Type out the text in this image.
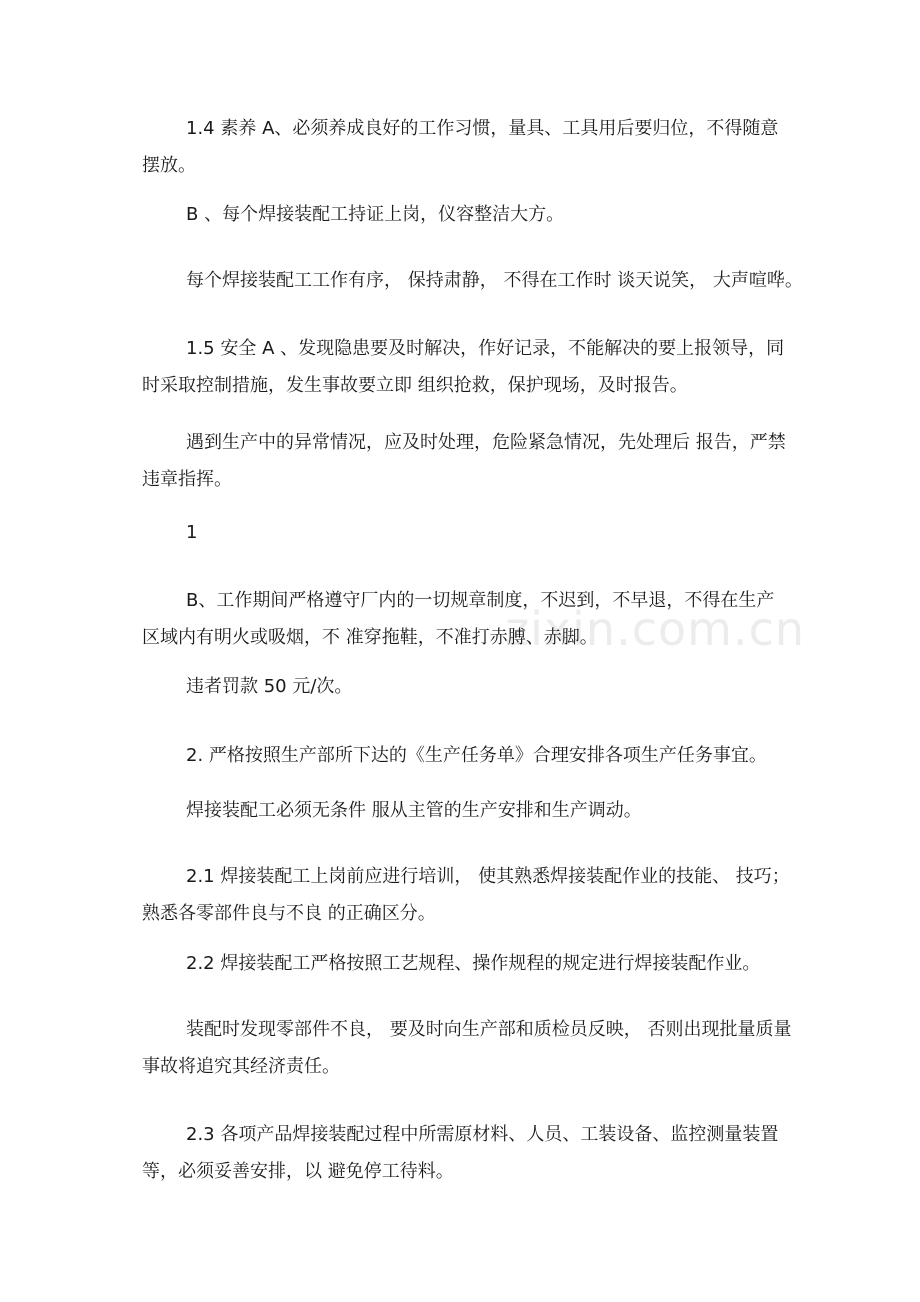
zixin.com.cn

1.4 素养 A、必须养成良好的工作习惯，量具、工具用后要归位，不得随意摆放。

B 、每个焊接装配工持证上岗，仪容整洁大方。

每个焊接装配工工作有序， 保持肃静， 不得在工作时 谈天说笑， 大声喧哗。

1.5 安全 A 、发现隐患要及时解决，作好记录，不能解决的要上报领导，同时采取控制措施，发生事故要立即 组织抢救，保护现场，及时报告。

遇到生产中的异常情况，应及时处理，危险紧急情况，先处理后 报告，严禁违章指挥。

1

B、工作期间严格遵守厂内的一切规章制度，不迟到，不早退，不得在生产区域内有明火或吸烟，不 准穿拖鞋，不准打赤膊、赤脚。

违者罚款 50 元/次。

2. 严格按照生产部所下达的《生产任务单》合理安排各项生产任务事宜。

焊接装配工必须无条件 服从主管的生产安排和生产调动。

2.1 焊接装配工上岗前应进行培训， 使其熟悉焊接装配作业的技能、 技巧；熟悉各零部件良与不良 的正确区分。

2.2 焊接装配工严格按照工艺规程、操作规程的规定进行焊接装配作业。

装配时发现零部件不良， 要及时向生产部和质检员反映， 否则出现批量质量事故将追究其经济责任。

2.3 各项产品焊接装配过程中所需原材料、人员、工装设备、监控测量装置等，必须妥善安排，以 避免停工待料。
